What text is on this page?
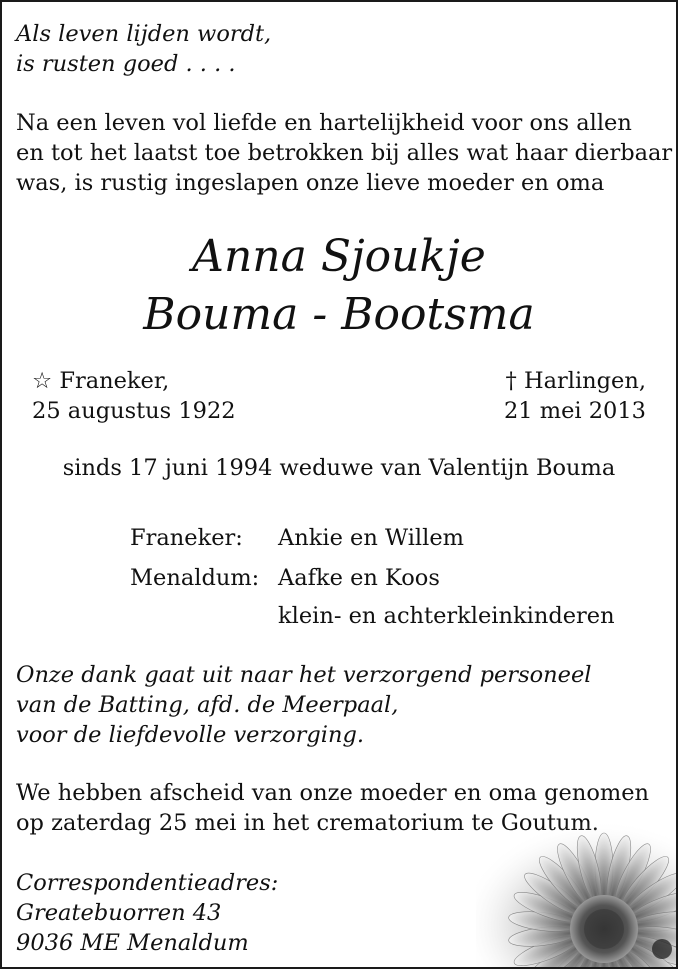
Als leven lijden wordt,
is rusten goed . . . .
Na een leven vol liefde en hartelijkheid voor ons allen
en tot het laatst toe betrokken bij alles wat haar dierbaar
was, is rustig ingeslapen onze lieve moeder en oma
Anna Sjoukje
Bouma - Bootsma
☆ Franeker,
25 augustus 1922
† Harlingen,
21 mei 2013
sinds 17 juni 1994 weduwe van Valentijn Bouma
Franeker: Ankie en Willem
Menaldum: Aafke en Koos
klein- en achterkleinkinderen
Onze dank gaat uit naar het verzorgend personeel
van de Batting, afd. de Meerpaal,
voor de liefdevolle verzorging.
We hebben afscheid van onze moeder en oma genomen
op zaterdag 25 mei in het crematorium te Goutum.
Correspondentieadres:
Greatebuorren 43
9036 ME Menaldum
